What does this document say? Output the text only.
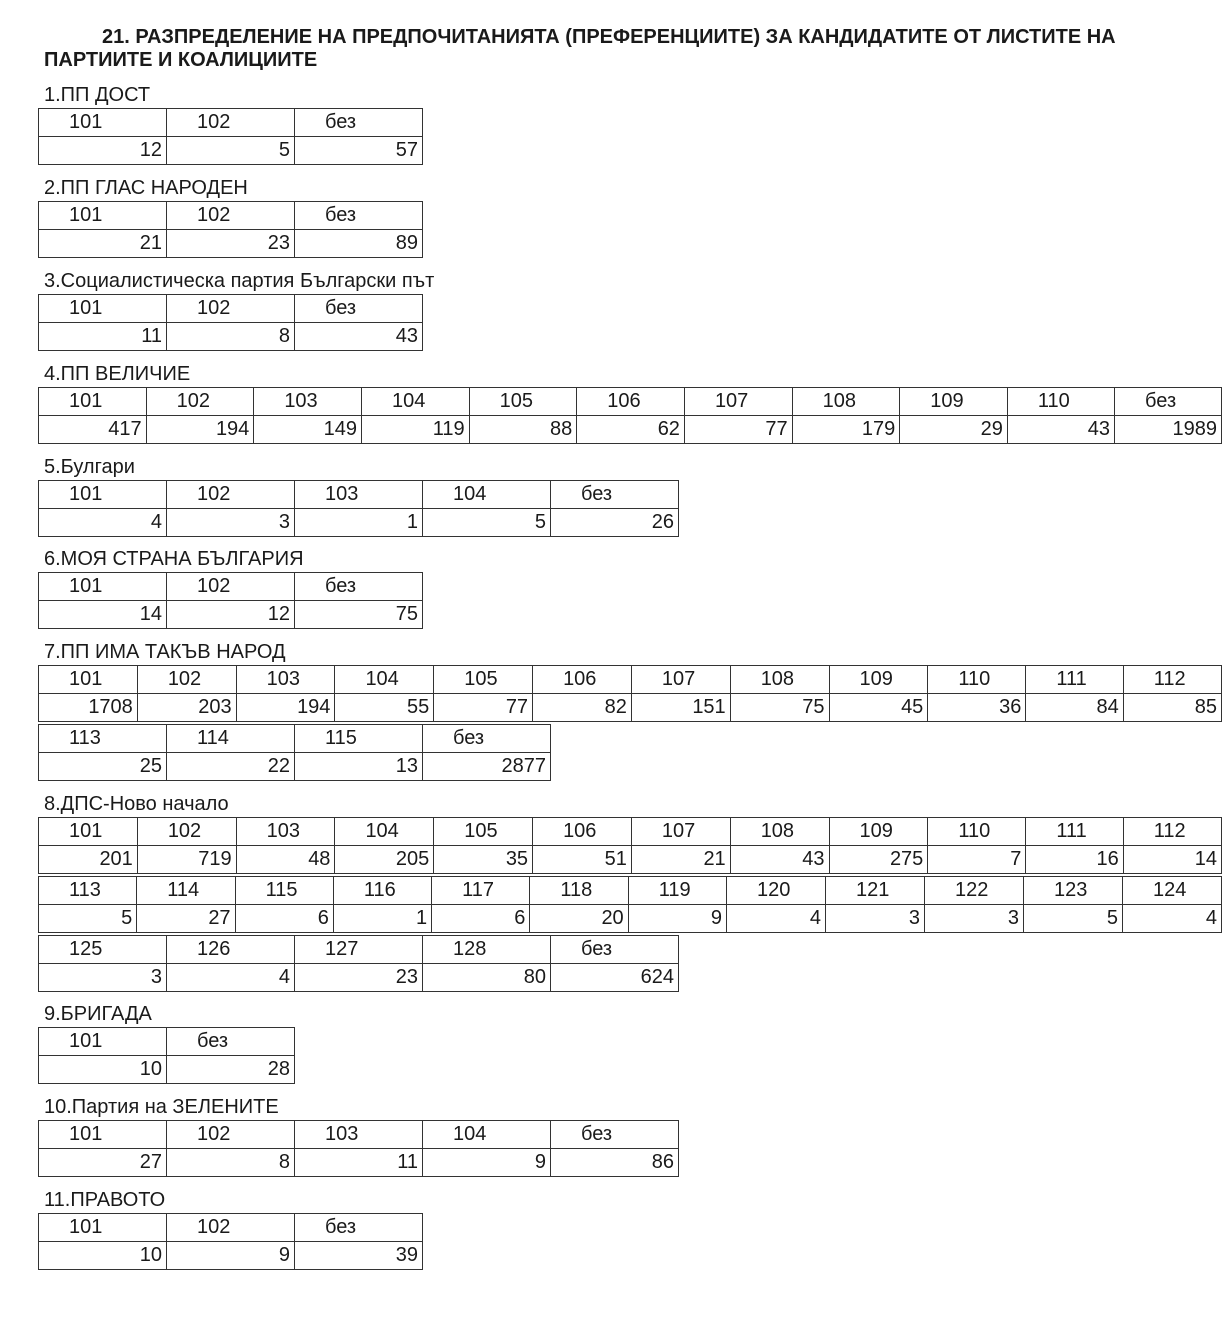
21. РАЗПРЕДЕЛЕНИЕ НА ПРЕДПОЧИТАНИЯТА (ПРЕФЕРЕНЦИИТЕ) ЗА КАНДИДАТИТЕ ОТ ЛИСТИТЕ НА ПАРТИИТЕ И КОАЛИЦИИТЕ
1.ПП ДОСТ
101	102	без
12	5	57
2.ПП ГЛАС НАРОДЕН
101	102	без
21	23	89
3.Социалистическа партия Български път
101	102	без
11	8	43
4.ПП ВЕЛИЧИЕ
101	102	103	104	105	106	107	108	109	110	без
417	194	149	119	88	62	77	179	29	43	1989
5.Булгари
101	102	103	104	без
4	3	1	5	26
6.МОЯ СТРАНА БЪЛГАРИЯ
101	102	без
14	12	75
7.ПП ИМА ТАКЪВ НАРОД
101	102	103	104	105	106	107	108	109	110	111	112
1708	203	194	55	77	82	151	75	45	36	84	85
113	114	115	без
25	22	13	2877
8.ДПС-Ново начало
101	102	103	104	105	106	107	108	109	110	111	112
201	719	48	205	35	51	21	43	275	7	16	14
113	114	115	116	117	118	119	120	121	122	123	124
5	27	6	1	6	20	9	4	3	3	5	4
125	126	127	128	без
3	4	23	80	624
9.БРИГАДА
101	без
10	28
10.Партия на ЗЕЛЕНИТЕ
101	102	103	104	без
27	8	11	9	86
11.ПРАВОТО
101	102	без
10	9	39
